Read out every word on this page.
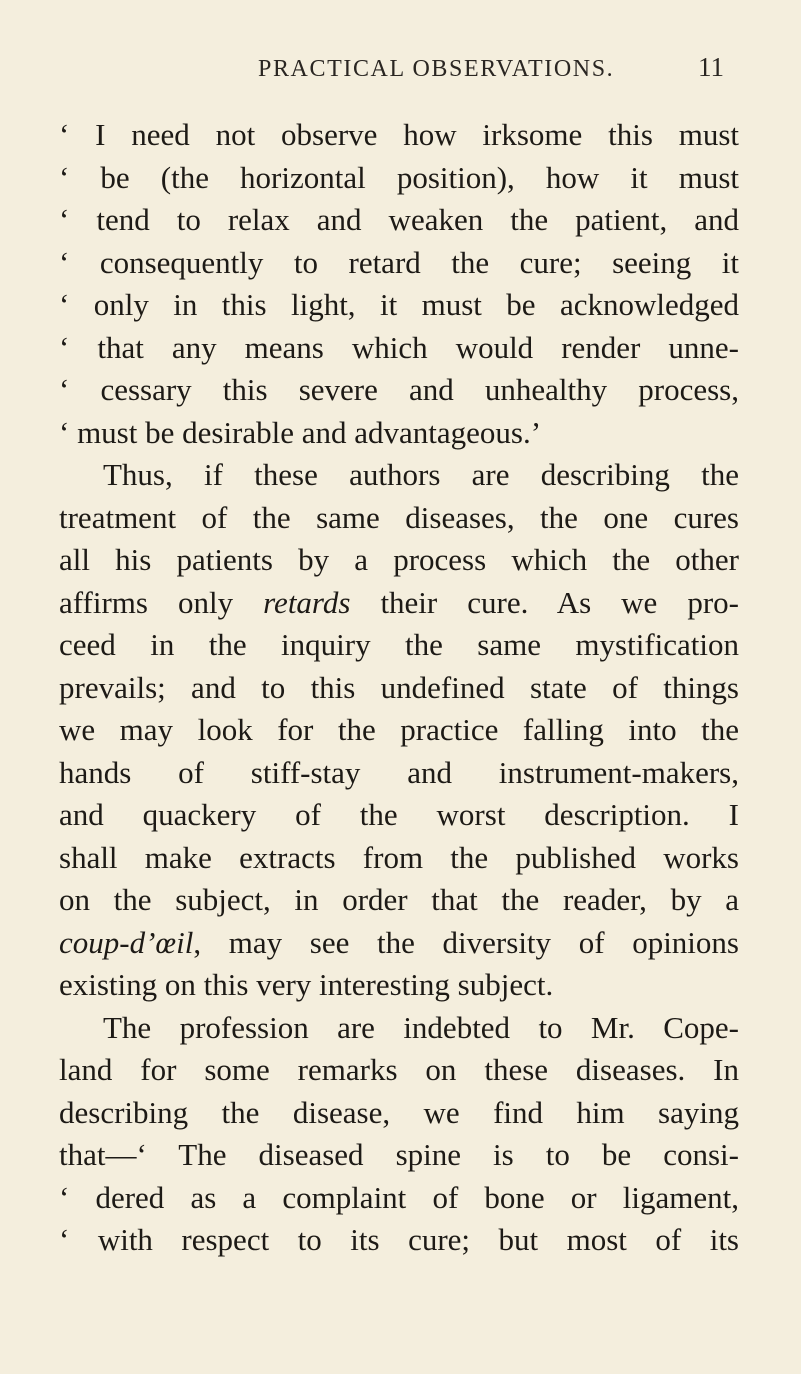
PRACTICAL OBSERVATIONS.	11
‘ I need not observe how irksome this must
‘ be (the horizontal position), how it must
‘ tend to relax and weaken the patient, and
‘ consequently to retard the cure; seeing it
‘ only in this light, it must be acknowledged
‘ that any means which would render unne-
‘ cessary this severe and unhealthy process,
‘ must be desirable and advantageous.’
Thus, if these authors are describing the
treatment of the same diseases, the one cures
all his patients by a process which the other
affirms only retards their cure. As we pro-
ceed in the inquiry the same mystification
prevails; and to this undefined state of things
we may look for the practice falling into the
hands of stiff-stay and instrument-makers,
and quackery of the worst description. I
shall make extracts from the published works
on the subject, in order that the reader, by a
coup-d’œil, may see the diversity of opinions
existing on this very interesting subject.
The profession are indebted to Mr. Cope-
land for some remarks on these diseases. In
describing the disease, we find him saying
that—‘ The diseased spine is to be consi-
‘ dered as a complaint of bone or ligament,
‘ with respect to its cure; but most of its
